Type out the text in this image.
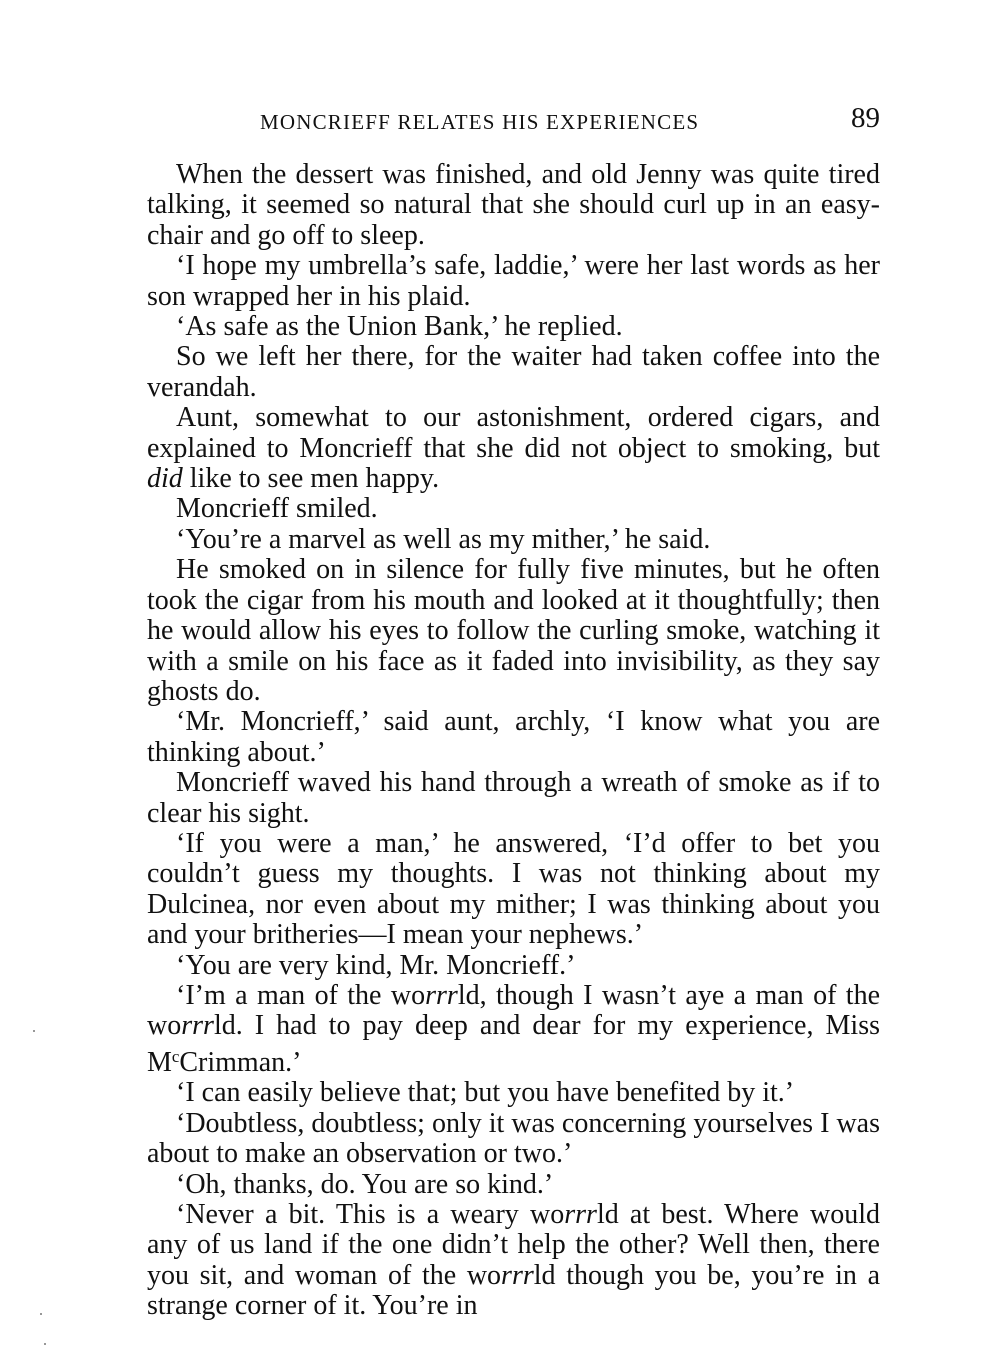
MONCRIEFF RELATES HIS EXPERIENCES	89

When the dessert was finished, and old Jenny was quite tired talking, it seemed so natural that she should curl up in an easy-chair and go off to sleep.

‘I hope my umbrella’s safe, laddie,’ were her last words as her son wrapped her in his plaid.

‘As safe as the Union Bank,’ he replied.

So we left her there, for the waiter had taken coffee into the verandah.

Aunt, somewhat to our astonishment, ordered cigars, and explained to Moncrieff that she did not object to smoking, but did like to see men happy.

Moncrieff smiled.

‘You’re a marvel as well as my mither,’ he said.

He smoked on in silence for fully five minutes, but he often took the cigar from his mouth and looked at it thoughtfully; then he would allow his eyes to follow the curling smoke, watching it with a smile on his face as it faded into invisibility, as they say ghosts do.

‘Mr. Moncrieff,’ said aunt, archly, ‘I know what you are thinking about.’

Moncrieff waved his hand through a wreath of smoke as if to clear his sight.

‘If you were a man,’ he answered, ‘I’d offer to bet you couldn’t guess my thoughts. I was not thinking about my Dulcinea, nor even about my mither; I was thinking about you and your britheries—I mean your nephews.’

‘You are very kind, Mr. Moncrieff.’

‘I’m a man of the worrrld, though I wasn’t aye a man of the worrrld. I had to pay deep and dear for my experience, Miss $M^cCrimman$.’

‘I can easily believe that; but you have benefited by it.’

‘Doubtless, doubtless; only it was concerning yourselves I was about to make an observation or two.’

‘Oh, thanks, do. You are so kind.’

‘Never a bit. This is a weary worrrld at best. Where would any of us land if the one didn’t help the other? Well then, there you sit, and woman of the worrrld though you be, you’re in a strange corner of it. You’re in
